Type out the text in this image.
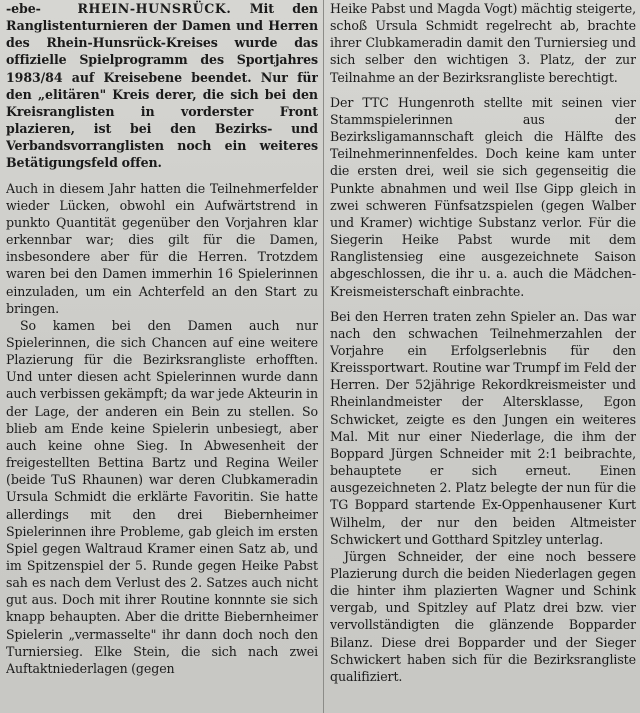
-ebe-	RHEIN-HUNSRÜCK. Mit den Ranglistenturnieren der Damen und Herren des Rhein-Hunsrück-Kreises wurde das offizielle Spielprogramm des Sportjahres 1983/84 auf Kreisebene beendet. Nur für den „elitären" Kreis derer, die sich bei den Kreisranglisten in vorderster Front plazieren, ist bei den Bezirks- und Verbandsvorranglisten noch ein weiteres Betätigungsfeld offen.

Auch in diesem Jahr hatten die Teilnehmerfelder wieder Lücken, obwohl ein Aufwärtstrend in punkto Quantität gegenüber den Vorjahren klar erkennbar war; dies gilt für die Damen, insbesondere aber für die Herren. Trotzdem waren bei den Damen immerhin 16 Spielerinnen einzuladen, um ein Achterfeld an den Start zu bringen.

So kamen bei den Damen auch nur Spielerinnen, die sich Chancen auf eine weitere Plazierung für die Bezirksrangliste erhofften. Und unter diesen acht Spielerinnen wurde dann auch verbissen gekämpft; da war jede Akteurin in der Lage, der anderen ein Bein zu stellen. So blieb am Ende keine Spielerin unbesiegt, aber auch keine ohne Sieg. In Abwesenheit der freigestellten Bettina Bartz und Regina Weiler (beide TuS Rhaunen) war deren Clubkameradin Ursula Schmidt die erklärte Favoritin. Sie hatte allerdings mit den drei Biebernheimer Spielerinnen ihre Probleme, gab gleich im ersten Spiel gegen Waltraud Kramer einen Satz ab, und im Spitzenspiel der 5. Runde gegen Heike Pabst sah es nach dem Verlust des 2. Satzes auch nicht gut aus. Doch mit ihrer Routine konnnte sie sich knapp behaupten. Aber die dritte Biebernheimer Spielerin „vermasselte" ihr dann doch noch den Turniersieg. Elke Stein, die sich nach zwei Auftaktniederlagen (gegen

Heike Pabst und Magda Vogt) mächtig steigerte, schoß Ursula Schmidt regelrecht ab, brachte ihrer Clubkameradin damit den Turniersieg und sich selber den wichtigen 3. Platz, der zur Teilnahme an der Bezirksrangliste berechtigt.

Der TTC Hungenroth stellte mit seinen vier Stammspielerinnen aus der Bezirksligamannschaft gleich die Hälfte des Teilnehmerinnenfeldes. Doch keine kam unter die ersten drei, weil sie sich gegenseitig die Punkte abnahmen und weil Ilse Gipp gleich in zwei schweren Fünfsatzspielen (gegen Walber und Kramer) wichtige Substanz verlor. Für die Siegerin Heike Pabst wurde mit dem Ranglistensieg eine ausgezeichnete Saison abgeschlossen, die ihr u. a. auch die Mädchen-Kreismeisterschaft einbrachte.

Bei den Herren traten zehn Spieler an. Das war nach den schwachen Teilnehmerzahlen der Vorjahre ein Erfolgserlebnis für den Kreissportwart. Routine war Trumpf im Feld der Herren. Der 52jährige Rekordkreismeister und Rheinlandmeister der Altersklasse, Egon Schwicket, zeigte es den Jungen ein weiteres Mal. Mit nur einer Niederlage, die ihm der Boppard Jürgen Schneider mit 2:1 beibrachte, behauptete er sich erneut. Einen ausgezeichneten 2. Platz belegte der nun für die TG Boppard startende Ex-Oppenhausener Kurt Wilhelm, der nur den beiden Altmeister Schwickert und Gotthard Spitzley unterlag.

Jürgen Schneider, der eine noch bessere Plazierung durch die beiden Niederlagen gegen die hinter ihm plazierten Wagner und Schink vergab, und Spitzley auf Platz drei bzw. vier vervollständigten die glänzende Bopparder Bilanz. Diese drei Bopparder und der Sieger Schwickert haben sich für die Bezirksrangliste qualifiziert.
